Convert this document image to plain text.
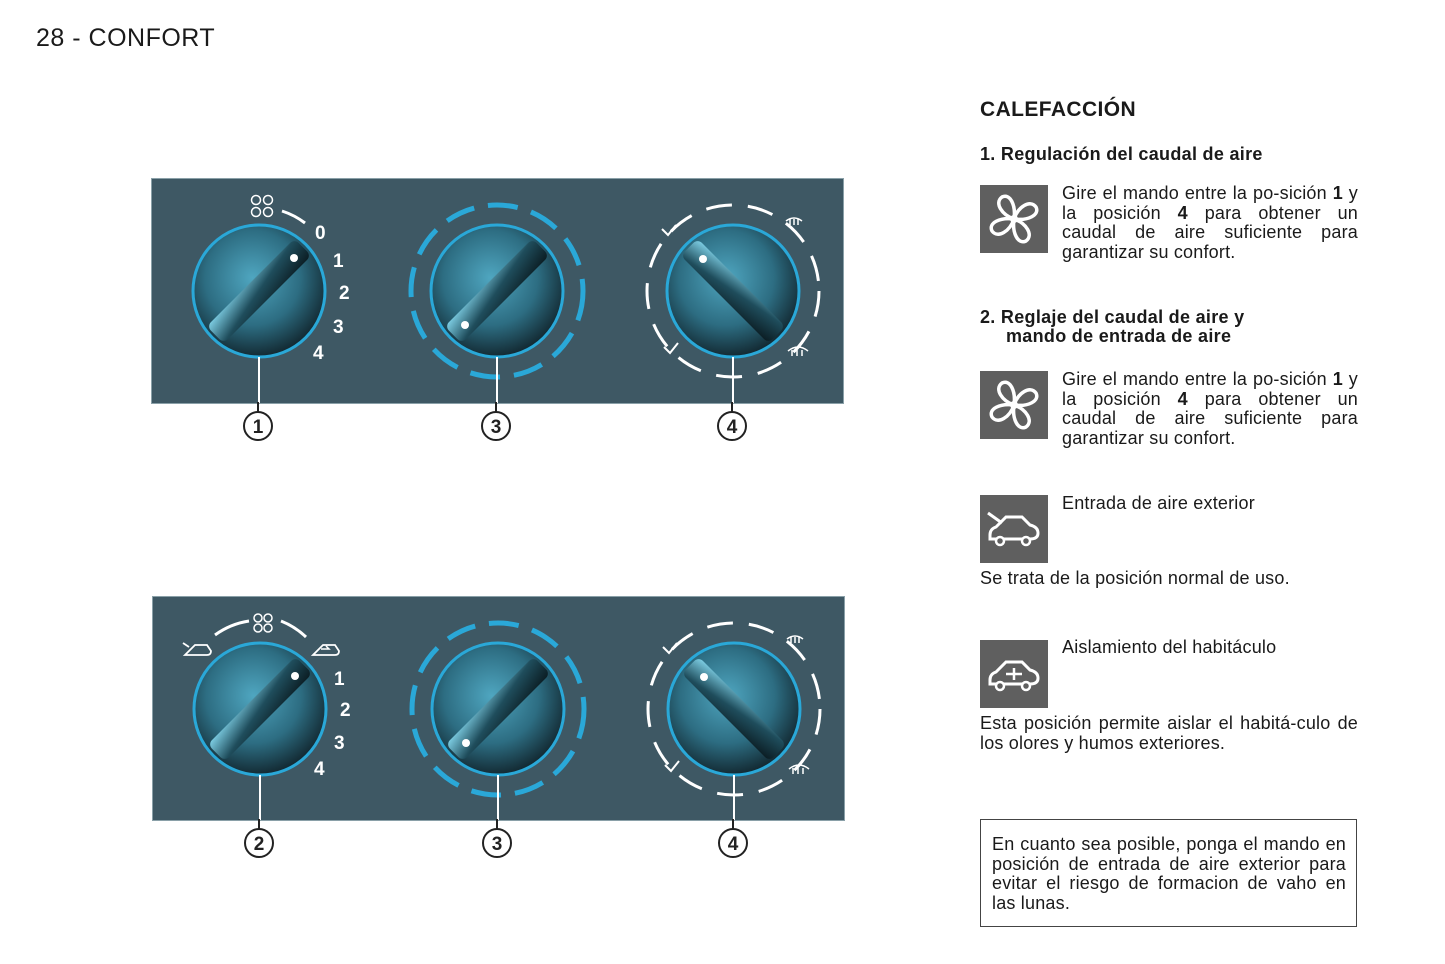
28 - CONFORT
0
1
2
3
4
1	3	4
1
2
3
4
2	3	4
CALEFACCIÓN
1. Regulación del caudal de aire
Gire el mando entre la po-sición 1 y la posición 4 para obtener un caudal de aire suficiente para garantizar su confort.
2. Reglaje del caudal de aire y
mando de entrada de aire
Gire el mando entre la po-sición 1 y la posición 4 para obtener un caudal de aire suficiente para garantizar su confort.
Entrada de aire exterior
Se trata de la posición normal de uso.
Aislamiento del habitáculo
Esta posición permite aislar el habitá-culo de los olores y humos exteriores.
En cuanto sea posible, ponga el mando en posición de entrada de aire exterior para evitar el riesgo de formacion de vaho en las lunas.
